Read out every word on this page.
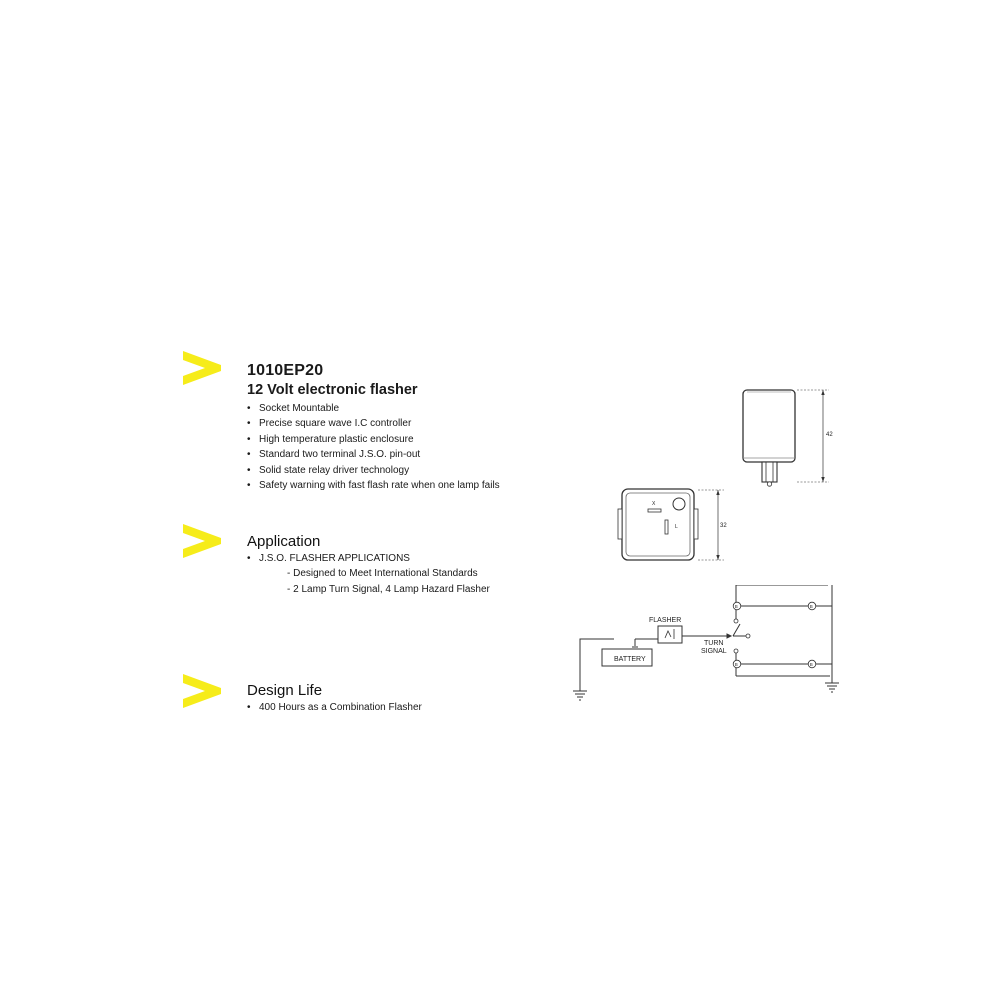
1010EP20
12 Volt electronic flasher
• Socket Mountable
• Precise square wave I.C controller
• High temperature plastic enclosure
• Standard two terminal J.S.O. pin-out
• Solid state relay driver technology
• Safety warning with fast flash rate when one lamp fails
Application
• J.S.O. FLASHER APPLICATIONS
- Designed to Meet International Standards
- 2 Lamp Turn Signal, 4 Lamp Hazard Flasher
Design Life
• 400 Hours as a Combination Flasher
42
X
L	32
B	B
B	B
FLASHER
BATTERY
TURN
SIGNAL
